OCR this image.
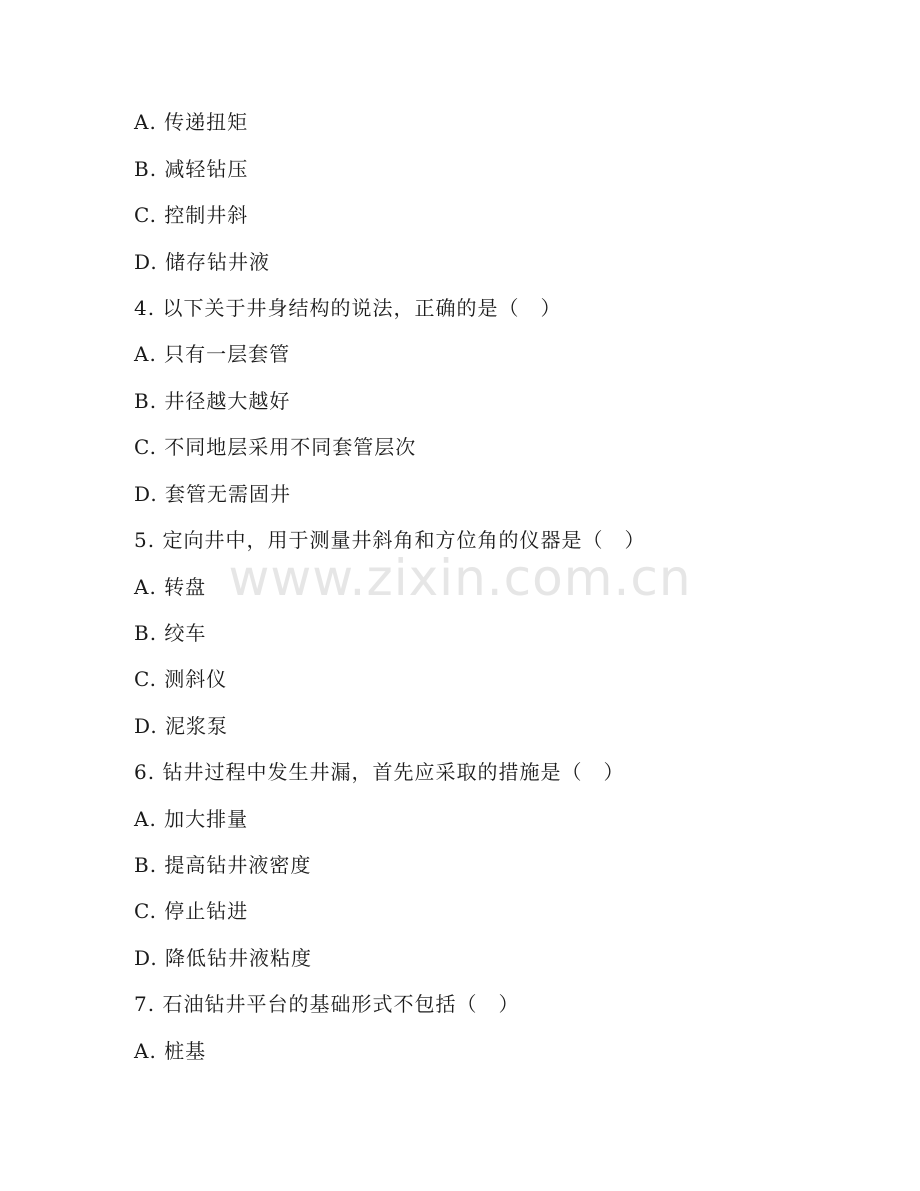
www.zixin.com.cn
A. 传递扭矩
B. 减轻钻压
C. 控制井斜
D. 储存钻井液
4. 以下关于井身结构的说法，正确的是（　）
A. 只有一层套管
B. 井径越大越好
C. 不同地层采用不同套管层次
D. 套管无需固井
5. 定向井中，用于测量井斜角和方位角的仪器是（　）
A. 转盘
B. 绞车
C. 测斜仪
D. 泥浆泵
6. 钻井过程中发生井漏，首先应采取的措施是（　）
A. 加大排量
B. 提高钻井液密度
C. 停止钻进
D. 降低钻井液粘度
7. 石油钻井平台的基础形式不包括（　）
A. 桩基
